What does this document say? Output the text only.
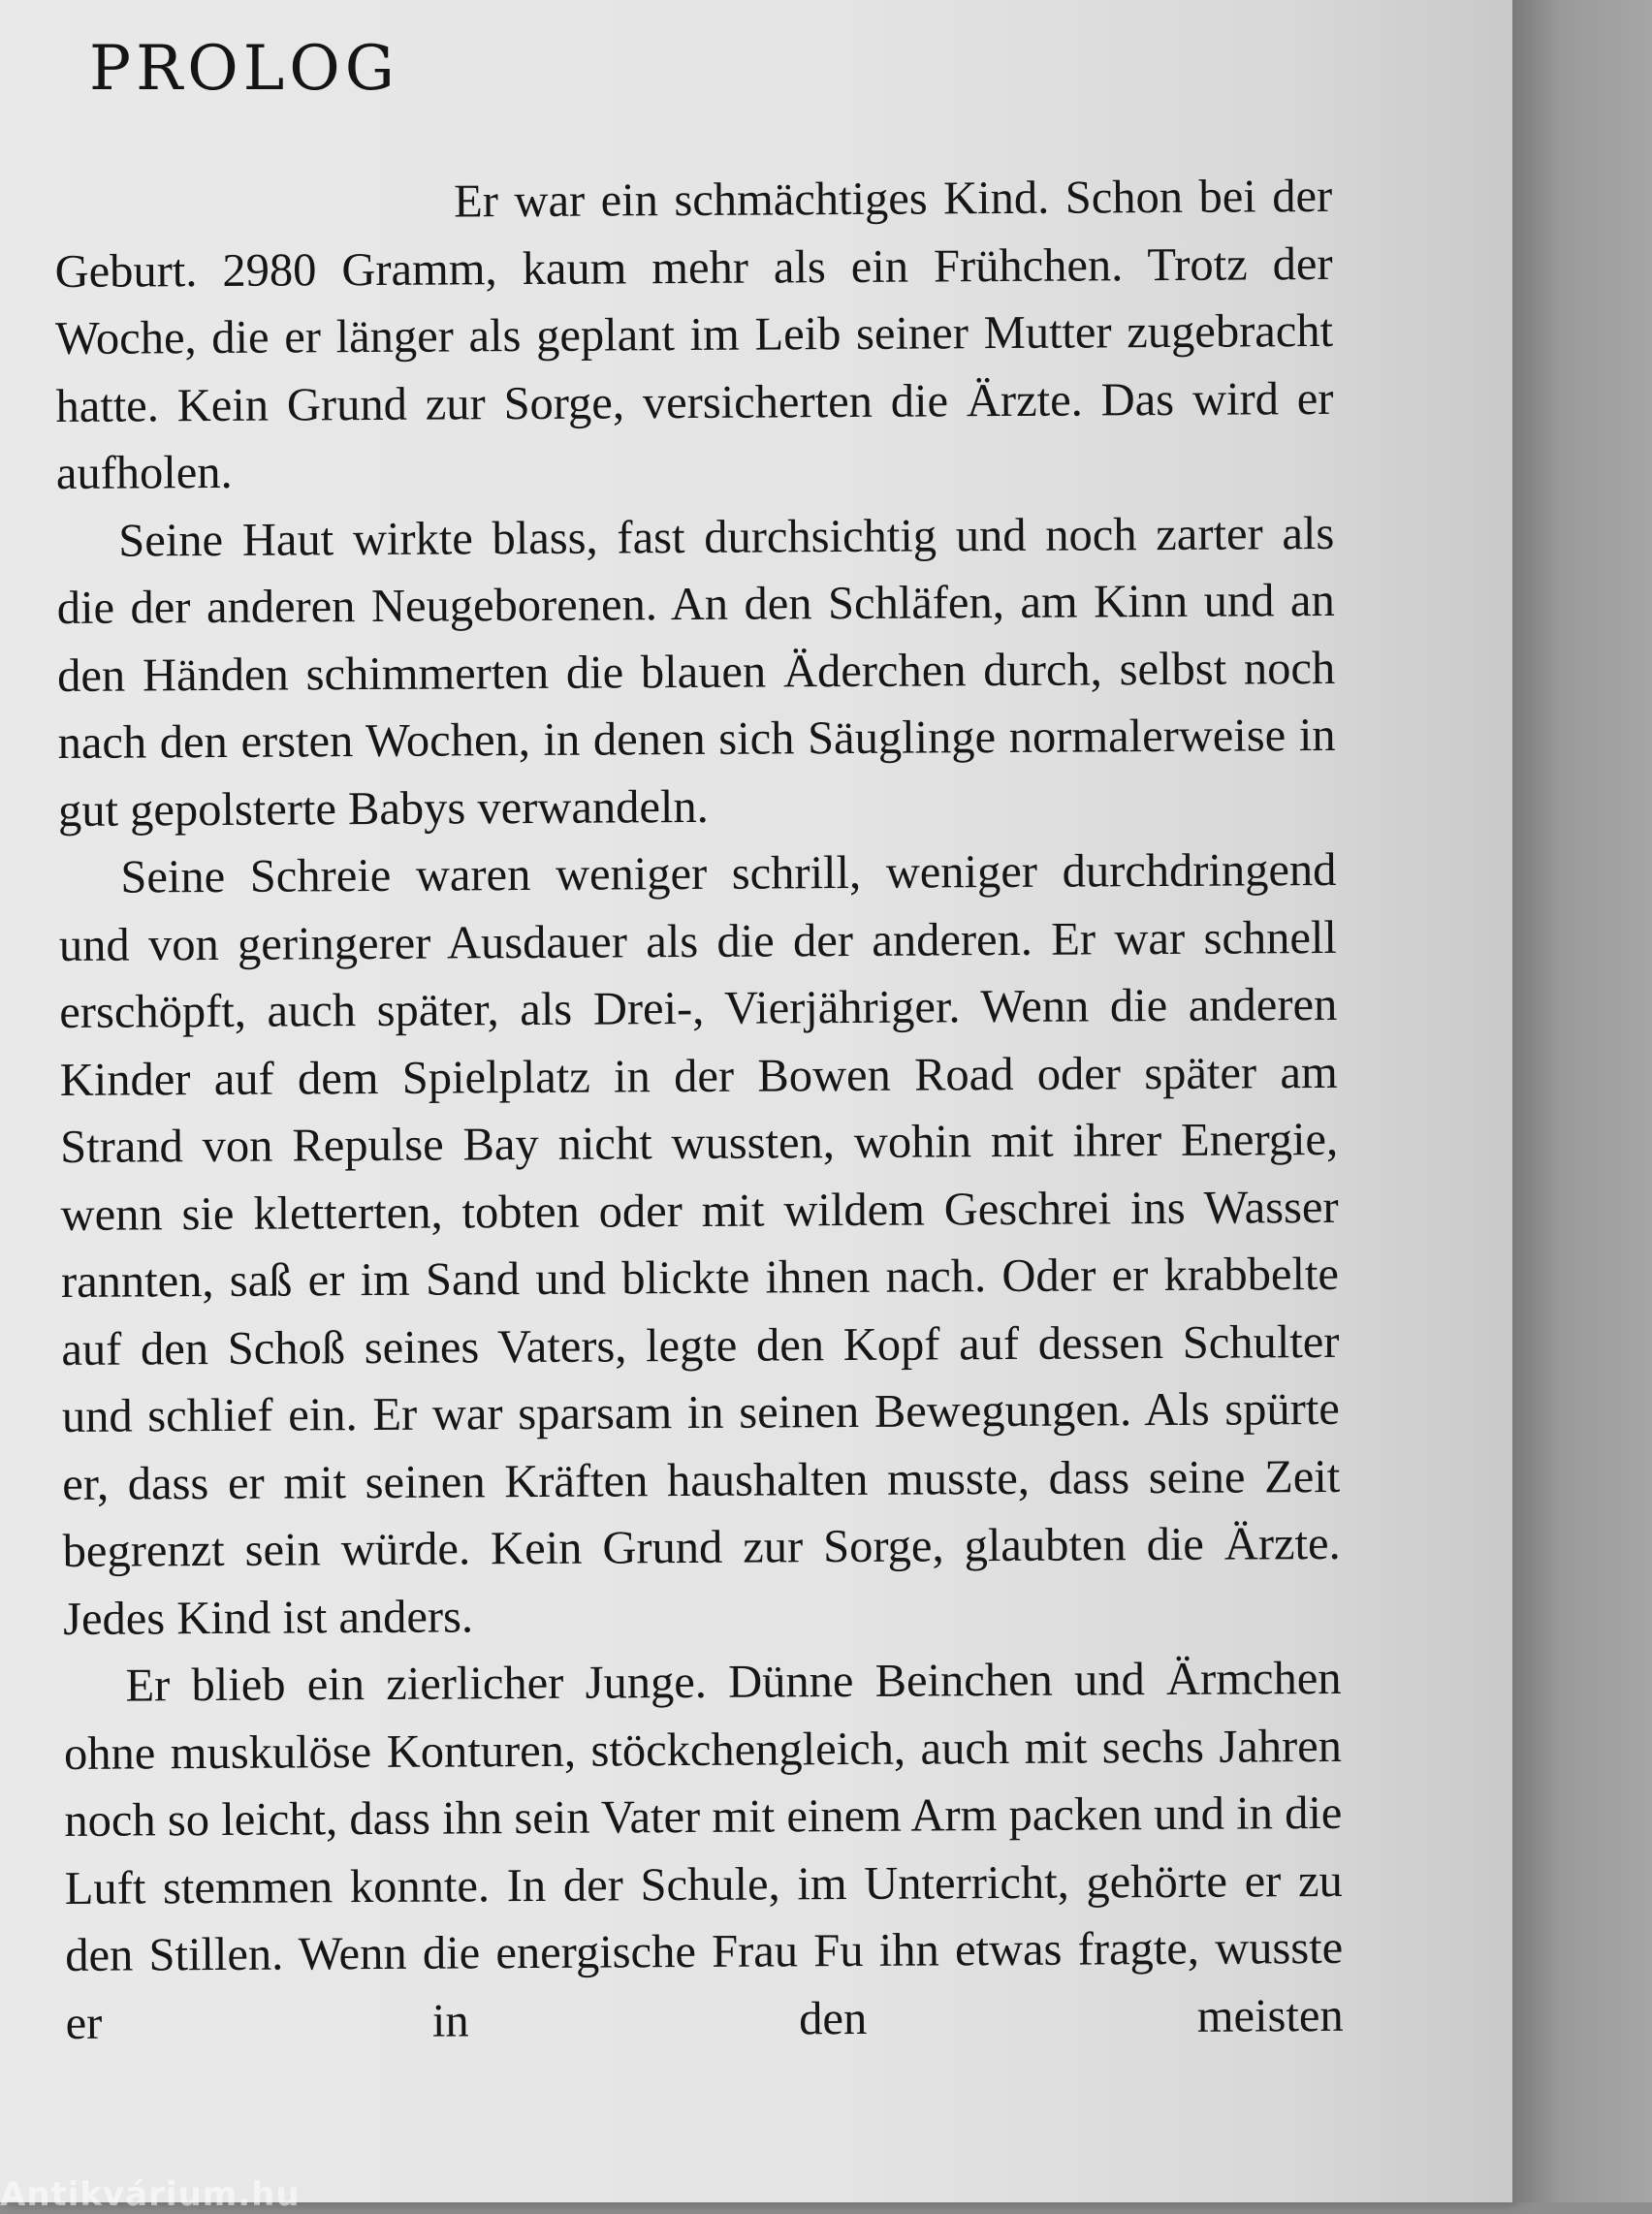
PROLOG

Er war ein schmächtiges Kind. Schon bei der Geburt. 2980 Gramm, kaum mehr als ein Frühchen. Trotz der Woche, die er länger als geplant im Leib seiner Mutter zugebracht hatte. Kein Grund zur Sorge, versicherten die Ärzte. Das wird er aufholen.

Seine Haut wirkte blass, fast durchsichtig und noch zarter als die der anderen Neugeborenen. An den Schläfen, am Kinn und an den Händen schimmerten die blauen Äderchen durch, selbst noch nach den ersten Wochen, in denen sich Säuglinge normalerweise in gut gepolsterte Babys verwandeln.

Seine Schreie waren weniger schrill, weniger durchdringend und von geringerer Ausdauer als die der anderen. Er war schnell erschöpft, auch später, als Drei-, Vierjähriger. Wenn die anderen Kinder auf dem Spielplatz in der Bowen Road oder später am Strand von Repulse Bay nicht wussten, wohin mit ihrer Energie, wenn sie kletterten, tobten oder mit wildem Geschrei ins Wasser rannten, saß er im Sand und blickte ihnen nach. Oder er krabbelte auf den Schoß seines Vaters, legte den Kopf auf dessen Schulter und schlief ein. Er war sparsam in seinen Bewegungen. Als spürte er, dass er mit seinen Kräften haushalten musste, dass seine Zeit begrenzt sein würde. Kein Grund zur Sorge, glaubten die Ärzte. Jedes Kind ist anders.

Er blieb ein zierlicher Junge. Dünne Beinchen und Ärmchen ohne muskulöse Konturen, stöckchengleich, auch mit sechs Jahren noch so leicht, dass ihn sein Vater mit einem Arm packen und in die Luft stemmen konnte. In der Schule, im Unterricht, gehörte er zu den Stillen. Wenn die energische Frau Fu ihn etwas fragte, wusste er in den meisten

Antikvárium.hu
